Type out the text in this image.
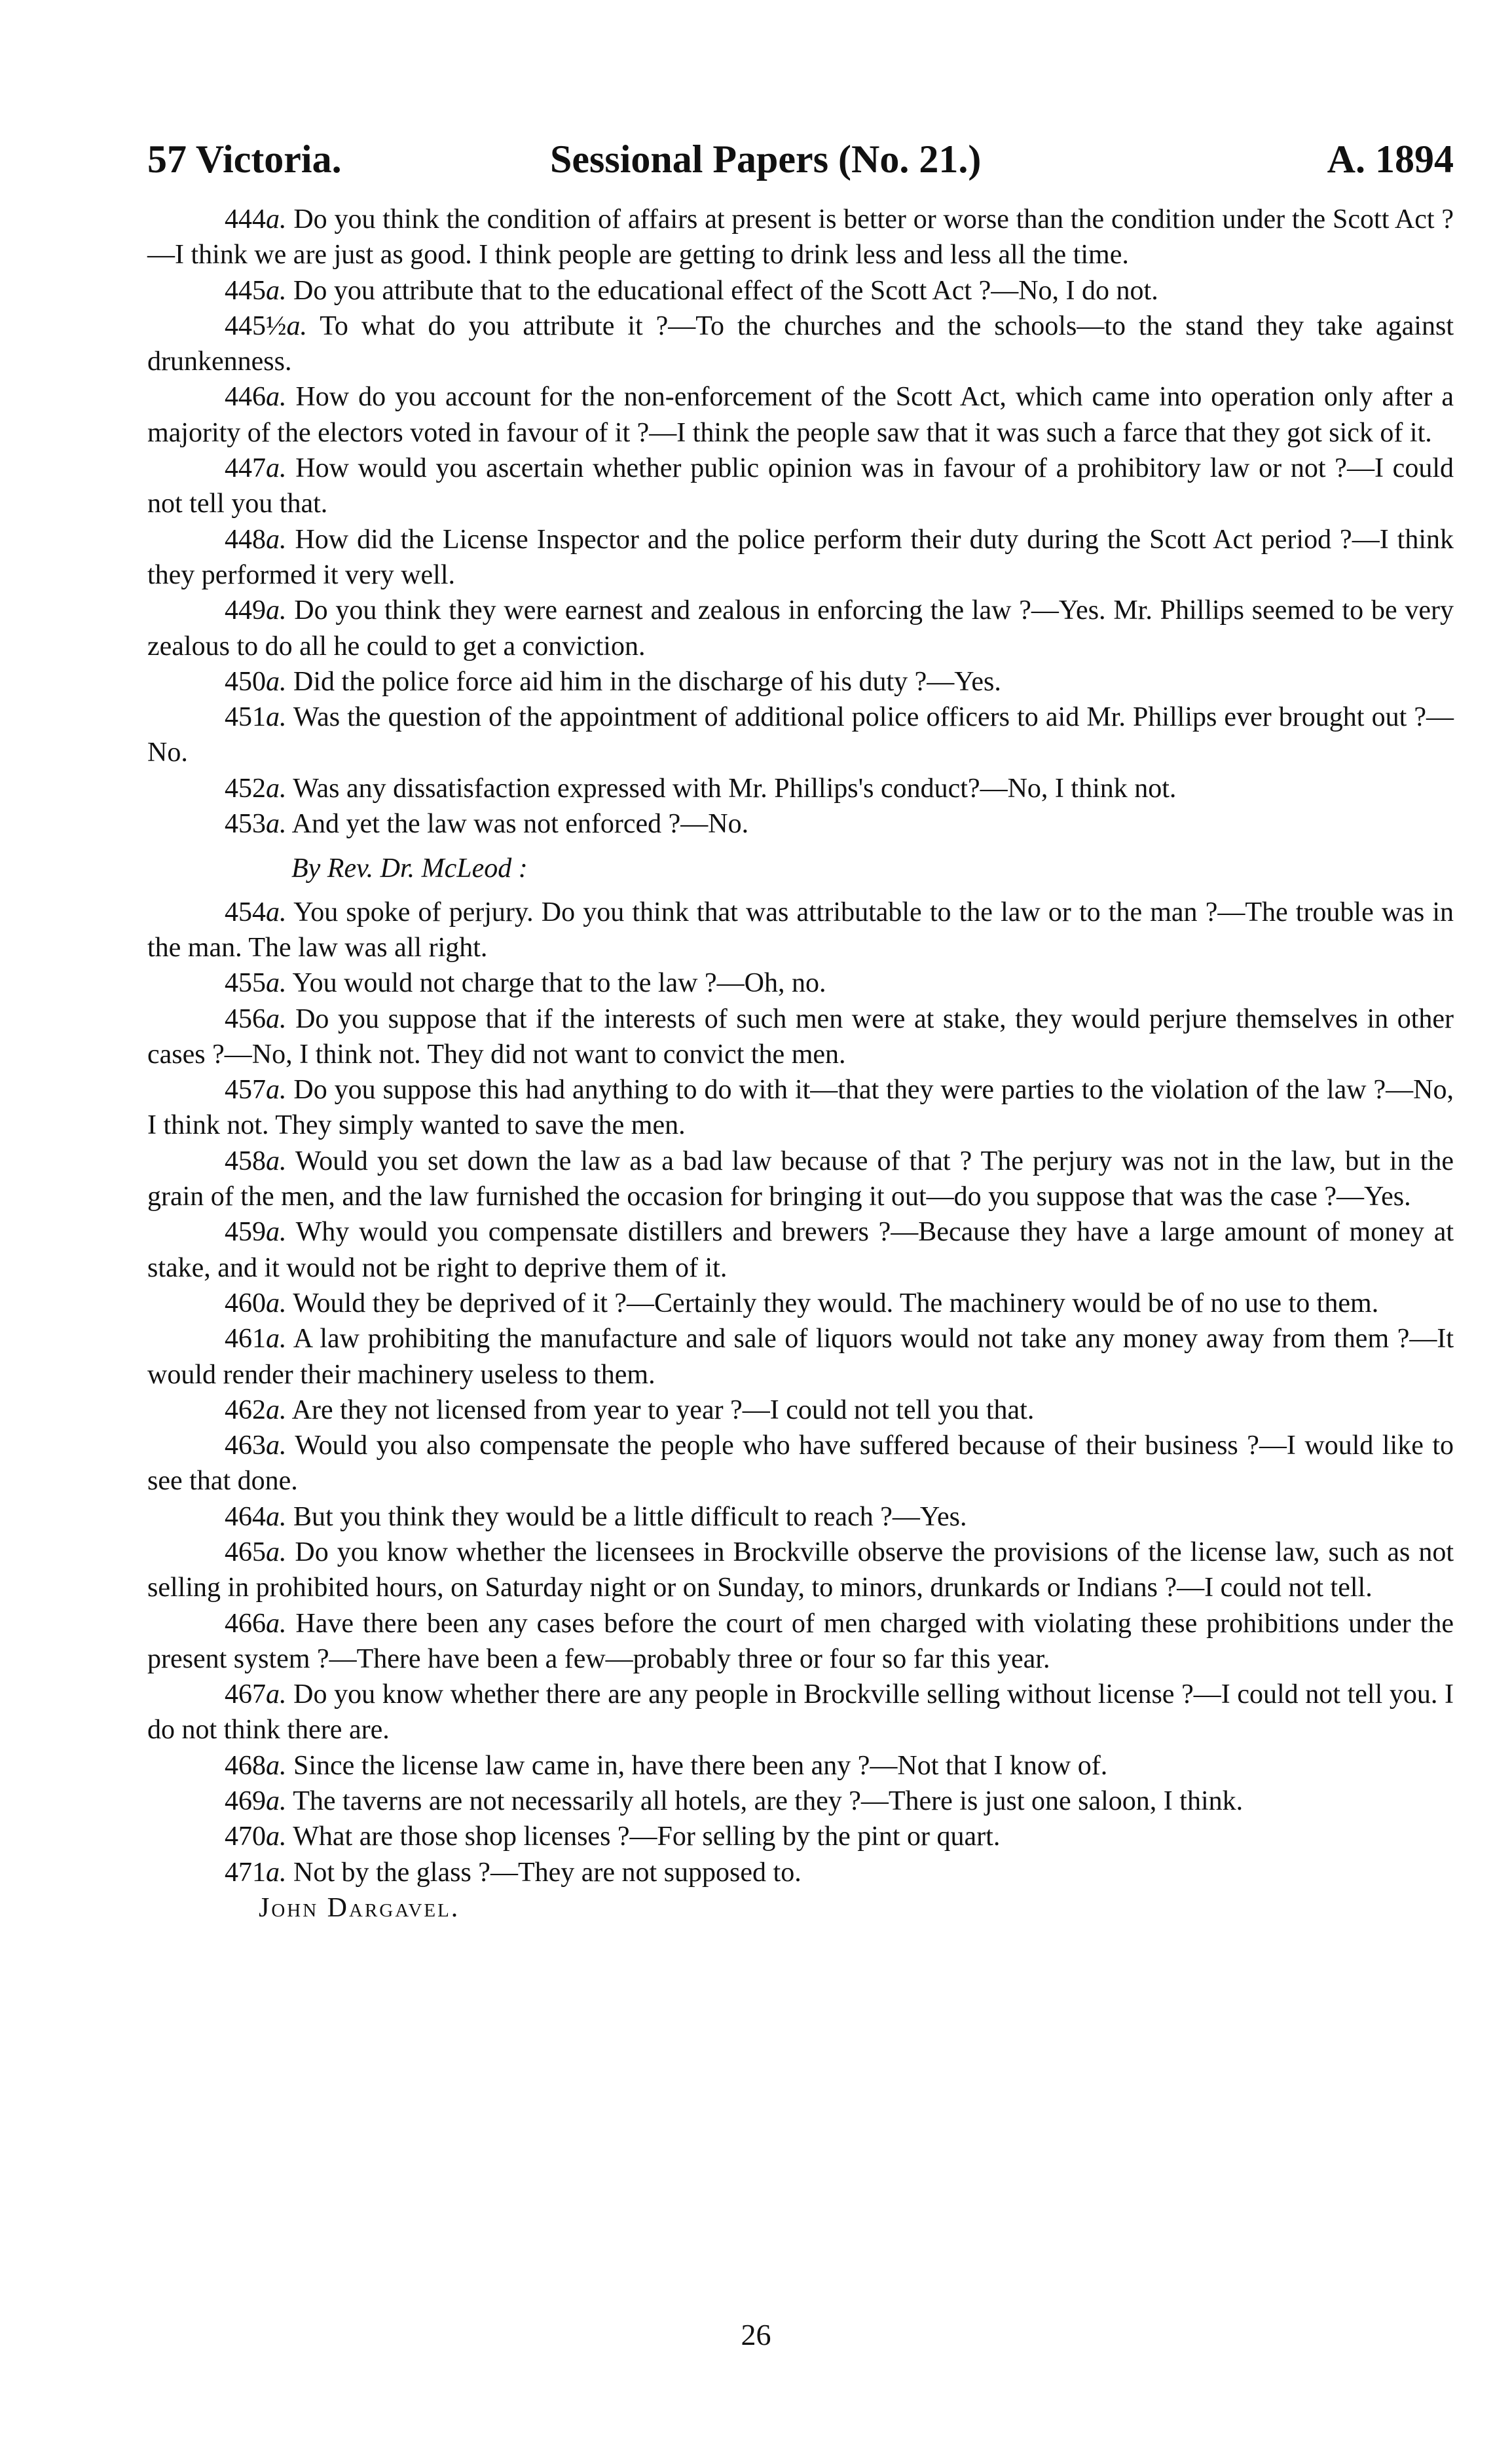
57 Victoria.	Sessional Papers (No. 21.)	A. 1894

444a. Do you think the condition of affairs at present is better or worse than the condition under the Scott Act ?—I think we are just as good. I think people are getting to drink less and less all the time.

445a. Do you attribute that to the educational effect of the Scott Act ?—No, I do not.

445½a. To what do you attribute it ?—To the churches and the schools—to the stand they take against drunkenness.

446a. How do you account for the non-enforcement of the Scott Act, which came into operation only after a majority of the electors voted in favour of it ?—I think the people saw that it was such a farce that they got sick of it.

447a. How would you ascertain whether public opinion was in favour of a prohibitory law or not ?—I could not tell you that.

448a. How did the License Inspector and the police perform their duty during the Scott Act period ?—I think they performed it very well.

449a. Do you think they were earnest and zealous in enforcing the law ?—Yes. Mr. Phillips seemed to be very zealous to do all he could to get a conviction.

450a. Did the police force aid him in the discharge of his duty ?—Yes.

451a. Was the question of the appointment of additional police officers to aid Mr. Phillips ever brought out ?—No.

452a. Was any dissatisfaction expressed with Mr. Phillips's conduct?—No, I think not.

453a. And yet the law was not enforced ?—No.

By Rev. Dr. McLeod :

454a. You spoke of perjury. Do you think that was attributable to the law or to the man ?—The trouble was in the man. The law was all right.

455a. You would not charge that to the law ?—Oh, no.

456a. Do you suppose that if the interests of such men were at stake, they would perjure themselves in other cases ?—No, I think not. They did not want to convict the men.

457a. Do you suppose this had anything to do with it—that they were parties to the violation of the law ?—No, I think not. They simply wanted to save the men.

458a. Would you set down the law as a bad law because of that ? The perjury was not in the law, but in the grain of the men, and the law furnished the occasion for bringing it out—do you suppose that was the case ?—Yes.

459a. Why would you compensate distillers and brewers ?—Because they have a large amount of money at stake, and it would not be right to deprive them of it.

460a. Would they be deprived of it ?—Certainly they would. The machinery would be of no use to them.

461a. A law prohibiting the manufacture and sale of liquors would not take any money away from them ?—It would render their machinery useless to them.

462a. Are they not licensed from year to year ?—I could not tell you that.

463a. Would you also compensate the people who have suffered because of their business ?—I would like to see that done.

464a. But you think they would be a little difficult to reach ?—Yes.

465a. Do you know whether the licensees in Brockville observe the provisions of the license law, such as not selling in prohibited hours, on Saturday night or on Sunday, to minors, drunkards or Indians ?—I could not tell.

466a. Have there been any cases before the court of men charged with violating these prohibitions under the present system ?—There have been a few—probably three or four so far this year.

467a. Do you know whether there are any people in Brockville selling without license ?—I could not tell you. I do not think there are.

468a. Since the license law came in, have there been any ?—Not that I know of.

469a. The taverns are not necessarily all hotels, are they ?—There is just one saloon, I think.

470a. What are those shop licenses ?—For selling by the pint or quart.

471a. Not by the glass ?—They are not supposed to.

John Dargavel.

26
